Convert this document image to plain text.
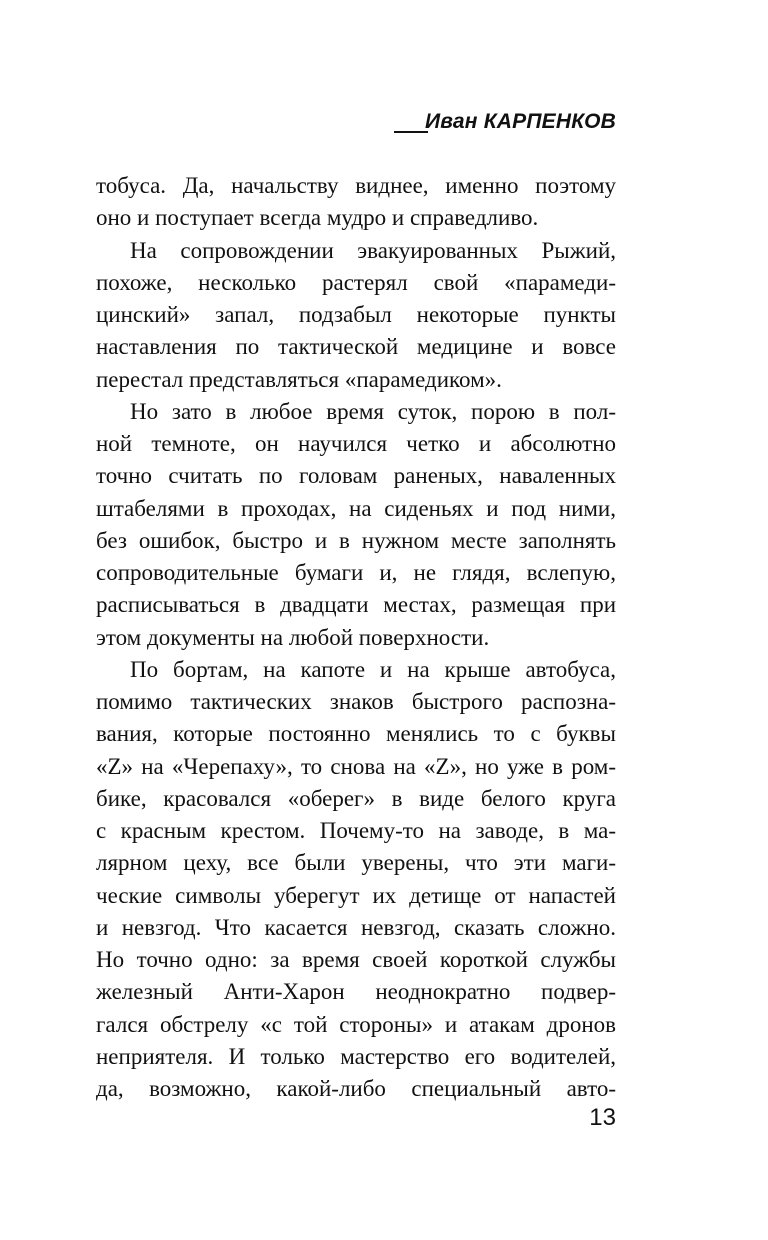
Иван КАРПЕНКОВ
тобуса. Да, начальству виднее, именно поэтому
оно и поступает всегда мудро и справедливо.
На сопровождении эвакуированных Рыжий,
похоже, несколько растерял свой «парамеди-
цинский» запал, подзабыл некоторые пункты
наставления по тактической медицине и вовсе
перестал представляться «парамедиком».
Но зато в любое время суток, порою в пол-
ной темноте, он научился четко и абсолютно
точно считать по головам раненых, наваленных
штабелями в проходах, на сиденьях и под ними,
без ошибок, быстро и в нужном месте заполнять
сопроводительные бумаги и, не глядя, вслепую,
расписываться в двадцати местах, размещая при
этом документы на любой поверхности.
По бортам, на капоте и на крыше автобуса,
помимо тактических знаков быстрого распозна-
вания, которые постоянно менялись то с буквы
«Z» на «Черепаху», то снова на «Z», но уже в ром-
бике, красовался «оберег» в виде белого круга
с красным крестом. Почему-то на заводе, в ма-
лярном цеху, все были уверены, что эти маги-
ческие символы уберегут их детище от напастей
и невзгод. Что касается невзгод, сказать сложно.
Но точно одно: за время своей короткой службы
железный Анти-Харон неоднократно подвер-
гался обстрелу «с той стороны» и атакам дронов
неприятеля. И только мастерство его водителей,
да, возможно, какой-либо специальный авто-
13
